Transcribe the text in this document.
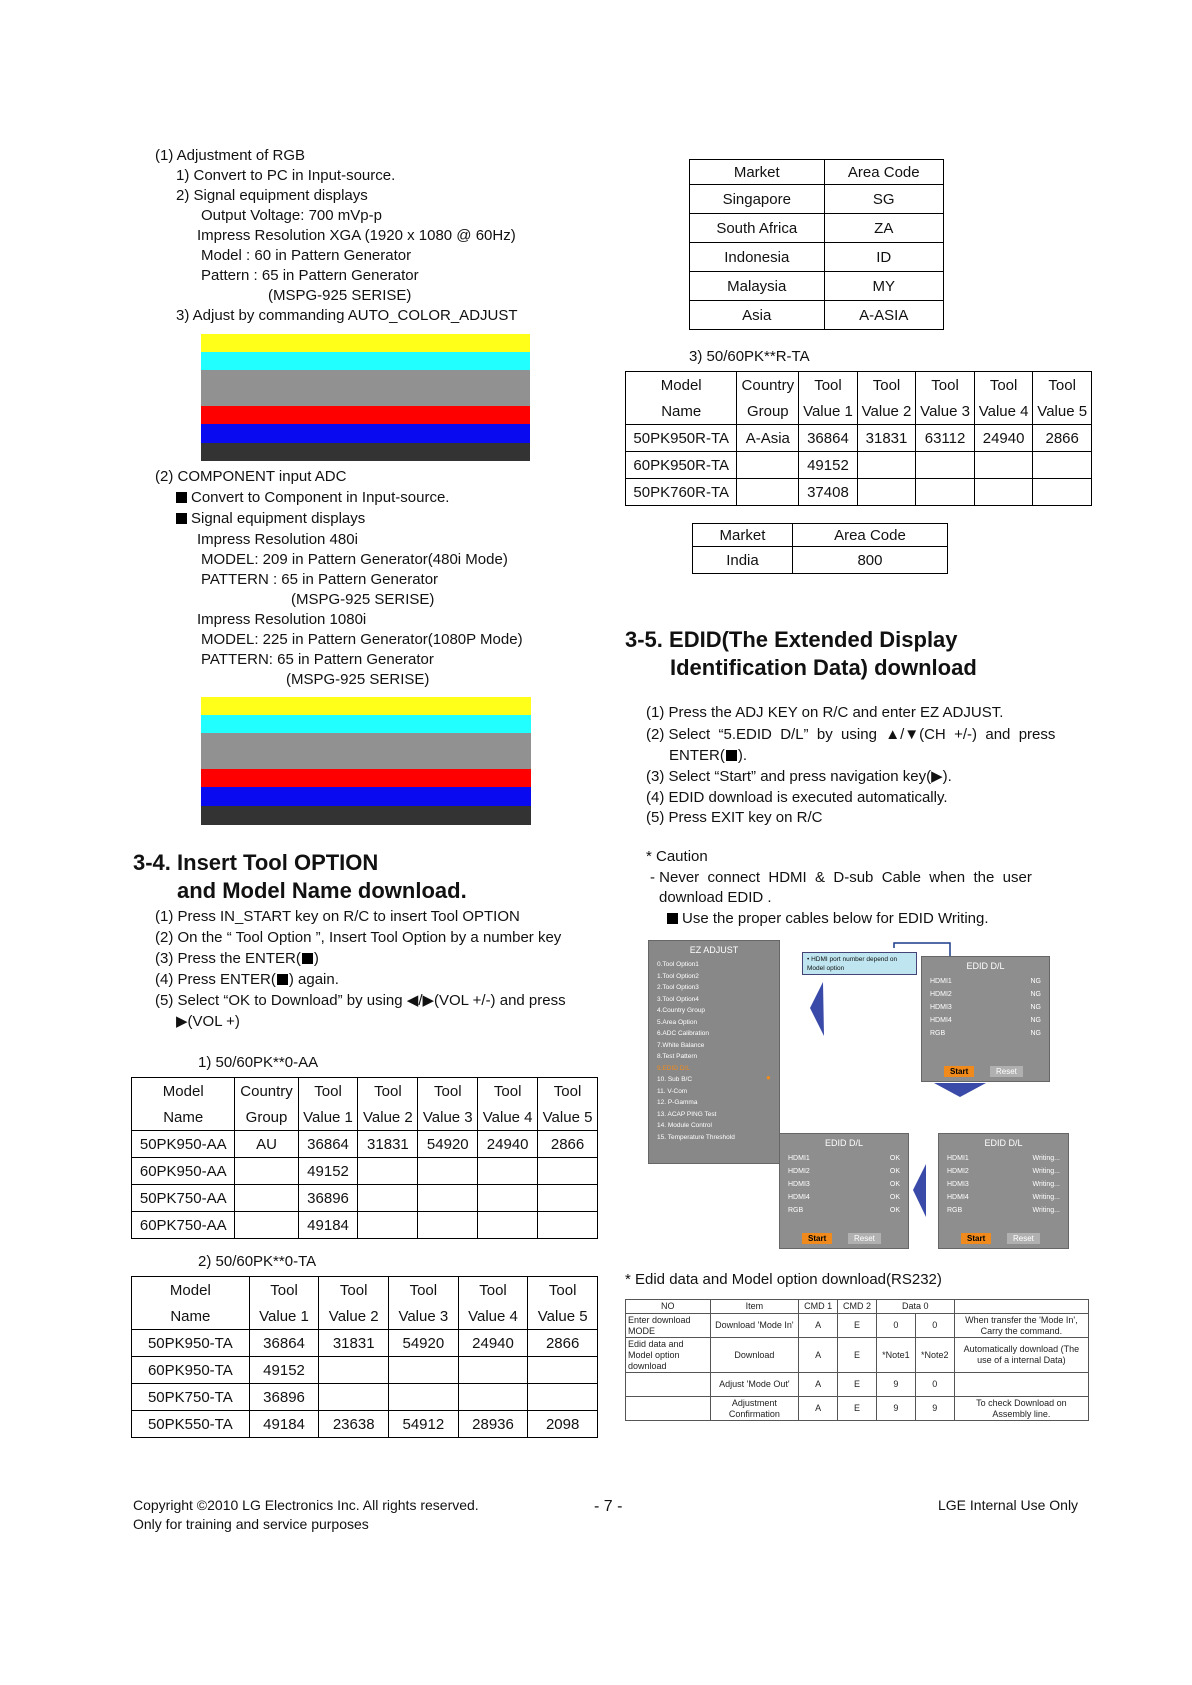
(1) Adjustment of RGB
1) Convert to PC in Input-source.
2) Signal equipment displays
Output Voltage: 700 mVp-p
Impress Resolution XGA (1920 x 1080 @ 60Hz)
Model : 60 in Pattern Generator
Pattern : 65 in Pattern Generator
(MSPG-925 SERISE)
3) Adjust by commanding AUTO_COLOR_ADJUST
(2) COMPONENT input ADC
Convert to Component in Input-source.
Signal equipment displays
Impress Resolution 480i
MODEL: 209 in Pattern Generator(480i Mode)
PATTERN : 65 in Pattern Generator
(MSPG-925 SERISE)
Impress Resolution 1080i
MODEL: 225 in Pattern Generator(1080P Mode)
PATTERN: 65 in Pattern Generator
(MSPG-925 SERISE)
3-4. Insert Tool OPTION
and Model Name download.
(1) Press IN_START key on R/C to insert Tool OPTION
(2) On the “ Tool Option ”, Insert Tool Option by a number key
(3) Press the ENTER( )
(4) Press ENTER( ) again.
(5) Select “OK to Download” by using ◀/▶(VOL +/-) and press
▶(VOL +)
1) 50/60PK**0-AA
Model	Country	Tool	Tool	Tool	Tool	Tool
Name	Group	Value 1	Value 2	Value 3	Value 4	Value 5
50PK950-AA	AU	36864	31831	54920	24940	2866
60PK950-AA		49152				
50PK750-AA		36896				
60PK750-AA		49184				
2) 50/60PK**0-TA
Model	Tool	Tool	Tool	Tool	Tool
Name	Value 1	Value 2	Value 3	Value 4	Value 5
50PK950-TA	36864	31831	54920	24940	2866
60PK950-TA	49152				
50PK750-TA	36896				
50PK550-TA	49184	23638	54912	28936	2098
Market	Area Code
Singapore	SG
South Africa	ZA
Indonesia	ID
Malaysia	MY
Asia	A-ASIA
3) 50/60PK**R-TA
Model	Country	Tool	Tool	Tool	Tool	Tool
Name	Group	Value 1	Value 2	Value 3	Value 4	Value 5
50PK950R-TA	A-Asia	36864	31831	63112	24940	2866
60PK950R-TA		49152				
50PK760R-TA		37408				
Market	Area Code
India	800
3-5. EDID(The Extended Display
Identification Data) download
(1) Press the ADJ KEY on R/C and enter EZ ADJUST.
(2) Select  “5.EDID  D/L”  by  using  ▲/▼(CH  +/-)  and  press
ENTER( ).
(3) Select “Start” and press navigation key(▶).
(4) EDID download is executed automatically.
(5) Press EXIT key on R/C
* Caution
- Never  connect  HDMI  &  D-sub  Cable  when  the  user
download EDID .
Use the proper cables below for EDID Writing.
EZ ADJUST
0.Tool Option1
1.Tool Option2
2.Tool Option3
3.Tool Option4
4.Country Group
5.Area Option
6.ADC Calibration
7.White Balance
8.Test Pattern
9.EDID D/L
10. Sub B/C
11. V-Com
12. P-Gamma
13. ACAP PING Test
14. Module Control
15. Temperature Threshold
●
• HDMI port number depend on Model option	EDID D/L
HDMI1	NG
HDMI2	NG
HDMI3	NG
HDMI4	NG
RGB	NG
Start	Reset
EDID D/L
HDMI1	OK
HDMI2	OK
HDMI3	OK
HDMI4	OK
RGB	OK
Start	Reset
EDID D/L
HDMI1	Writing...
HDMI2	Writing...
HDMI3	Writing...
HDMI4	Writing...
RGB	Writing...
Start	Reset
* Edid data and Model option download(RS232)
NO	Item	CMD 1	CMD 2	Data 0		
Enter download MODE	Download 'Mode In'	A	E	0	0	When transfer the 'Mode In', Carry the command.
Edid data and Model option download	Download	A	E	*Note1	*Note2	Automatically download (The use of a internal Data)
	Adjust 'Mode Out'	A	E	9	0	
	Adjustment Confirmation	A	E	9	9	To check Download on Assembly line.
Copyright ©2010 LG Electronics Inc. All rights reserved.
Only for training and service purposes
- 7 -	LGE Internal Use Only
